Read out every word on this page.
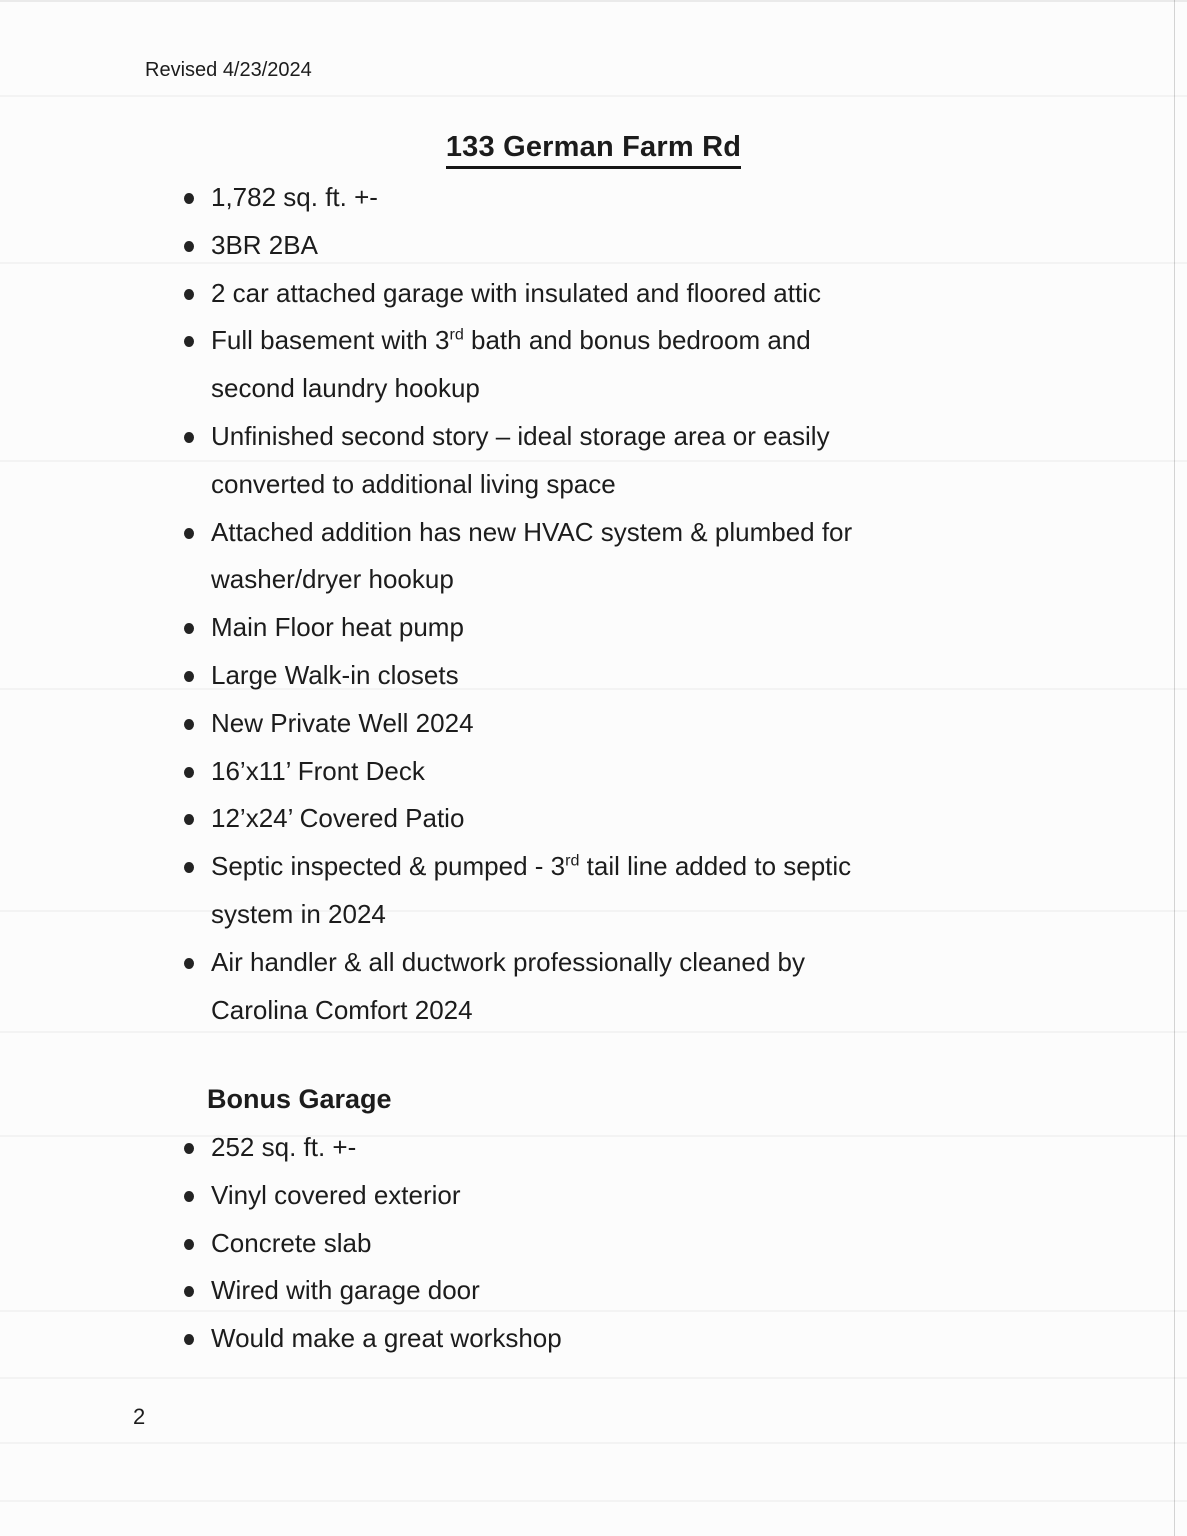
Revised 4/23/2024
133 German Farm Rd
1,782 sq. ft. +-
3BR 2BA
2 car attached garage with insulated and floored attic
Full basement with 3rd bath and bonus bedroom and
second laundry hookup
Unfinished second story – ideal storage area or easily
converted to additional living space
Attached addition has new HVAC system & plumbed for
washer/dryer hookup
Main Floor heat pump
Large Walk-in closets
New Private Well 2024
16’x11’ Front Deck
12’x24’ Covered Patio
Septic inspected & pumped - 3rd tail line added to septic
system in 2024
Air handler & all ductwork professionally cleaned by
Carolina Comfort 2024
Bonus Garage
252 sq. ft. +-
Vinyl covered exterior
Concrete slab
Wired with garage door
Would make a great workshop
2
